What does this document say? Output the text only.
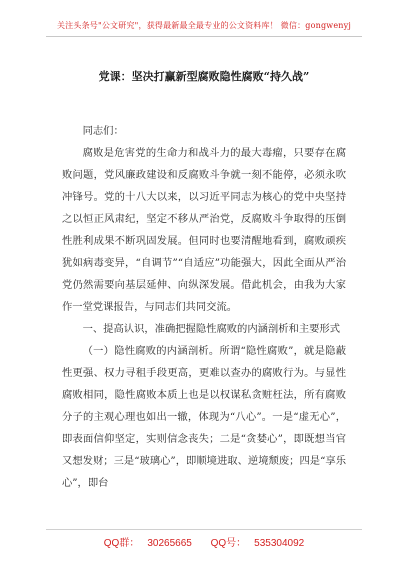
关注头条号"公文研究"，获得最新最全最专业的公文资料库！ 微信：gongwenyj
党课：坚决打赢新型腐败隐性腐败“持久战”

同志们：

腐败是危害党的生命力和战斗力的最大毒瘤，只要存在腐败问题，党风廉政建设和反腐败斗争就一刻不能停，必须永吹冲锋号。党的十八大以来，以习近平同志为核心的党中央坚持之以恒正风肃纪，坚定不移从严治党，反腐败斗争取得的压倒性胜利成果不断巩固发展。但同时也要清醒地看到，腐败顽疾犹如病毒变异，“自调节”“自适应”功能强大，因此全面从严治党仍然需要向基层延伸、向纵深发展。借此机会，由我为大家作一堂党课报告，与同志们共同交流。

一、提高认识，准确把握隐性腐败的内涵剖析和主要形式

（一）隐性腐败的内涵剖析。所谓“隐性腐败”，就是隐蔽性更强、权力寻租手段更高，更难以查办的腐败行为。与显性腐败相同，隐性腐败本质上也是以权谋私贪赃枉法，所有腐败分子的主观心理也如出一辙，体现为“八心”。一是“虚无心”，即表面信仰坚定，实则信念丧失；二是“贪婪心”，即既想当官又想发财；三是“玻璃心”，即顺境进取、逆境颓废；四是“享乐心”，即台

QQ群： 30265665 QQ号： 535304092
